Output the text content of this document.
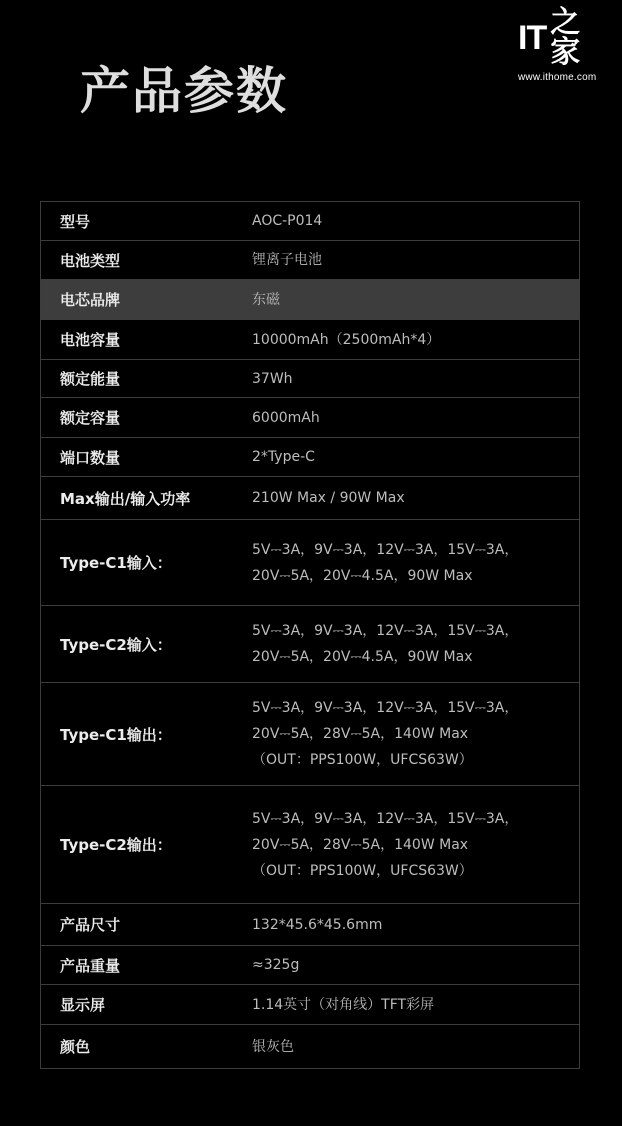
IT 之家
www.ithome.com
产品参数
型号	AOC-P014
电池类型	锂离子电池
电芯品牌	东磁
电池容量	10000mAh（2500mAh*4）
额定能量	37Wh
额定容量	6000mAh
端口数量	2*Type-C
Max输出/输入功率	210W Max / 90W Max
Type-C1输入：
5V⎓3A，9V⎓3A，12V⎓3A，15V⎓3A，
20V⎓5A，20V⎓4.5A，90W Max
Type-C2输入：
5V⎓3A，9V⎓3A，12V⎓3A，15V⎓3A，
20V⎓5A，20V⎓4.5A，90W Max
Type-C1输出：
5V⎓3A，9V⎓3A，12V⎓3A，15V⎓3A，
20V⎓5A，28V⎓5A，140W Max
（OUT：PPS100W，UFCS63W）
Type-C2输出：
5V⎓3A，9V⎓3A，12V⎓3A，15V⎓3A，
20V⎓5A，28V⎓5A，140W Max
（OUT：PPS100W，UFCS63W）
产品尺寸	132*45.6*45.6mm
产品重量	≈325g
显示屏	1.14英寸（对角线）TFT彩屏
颜色	银灰色
